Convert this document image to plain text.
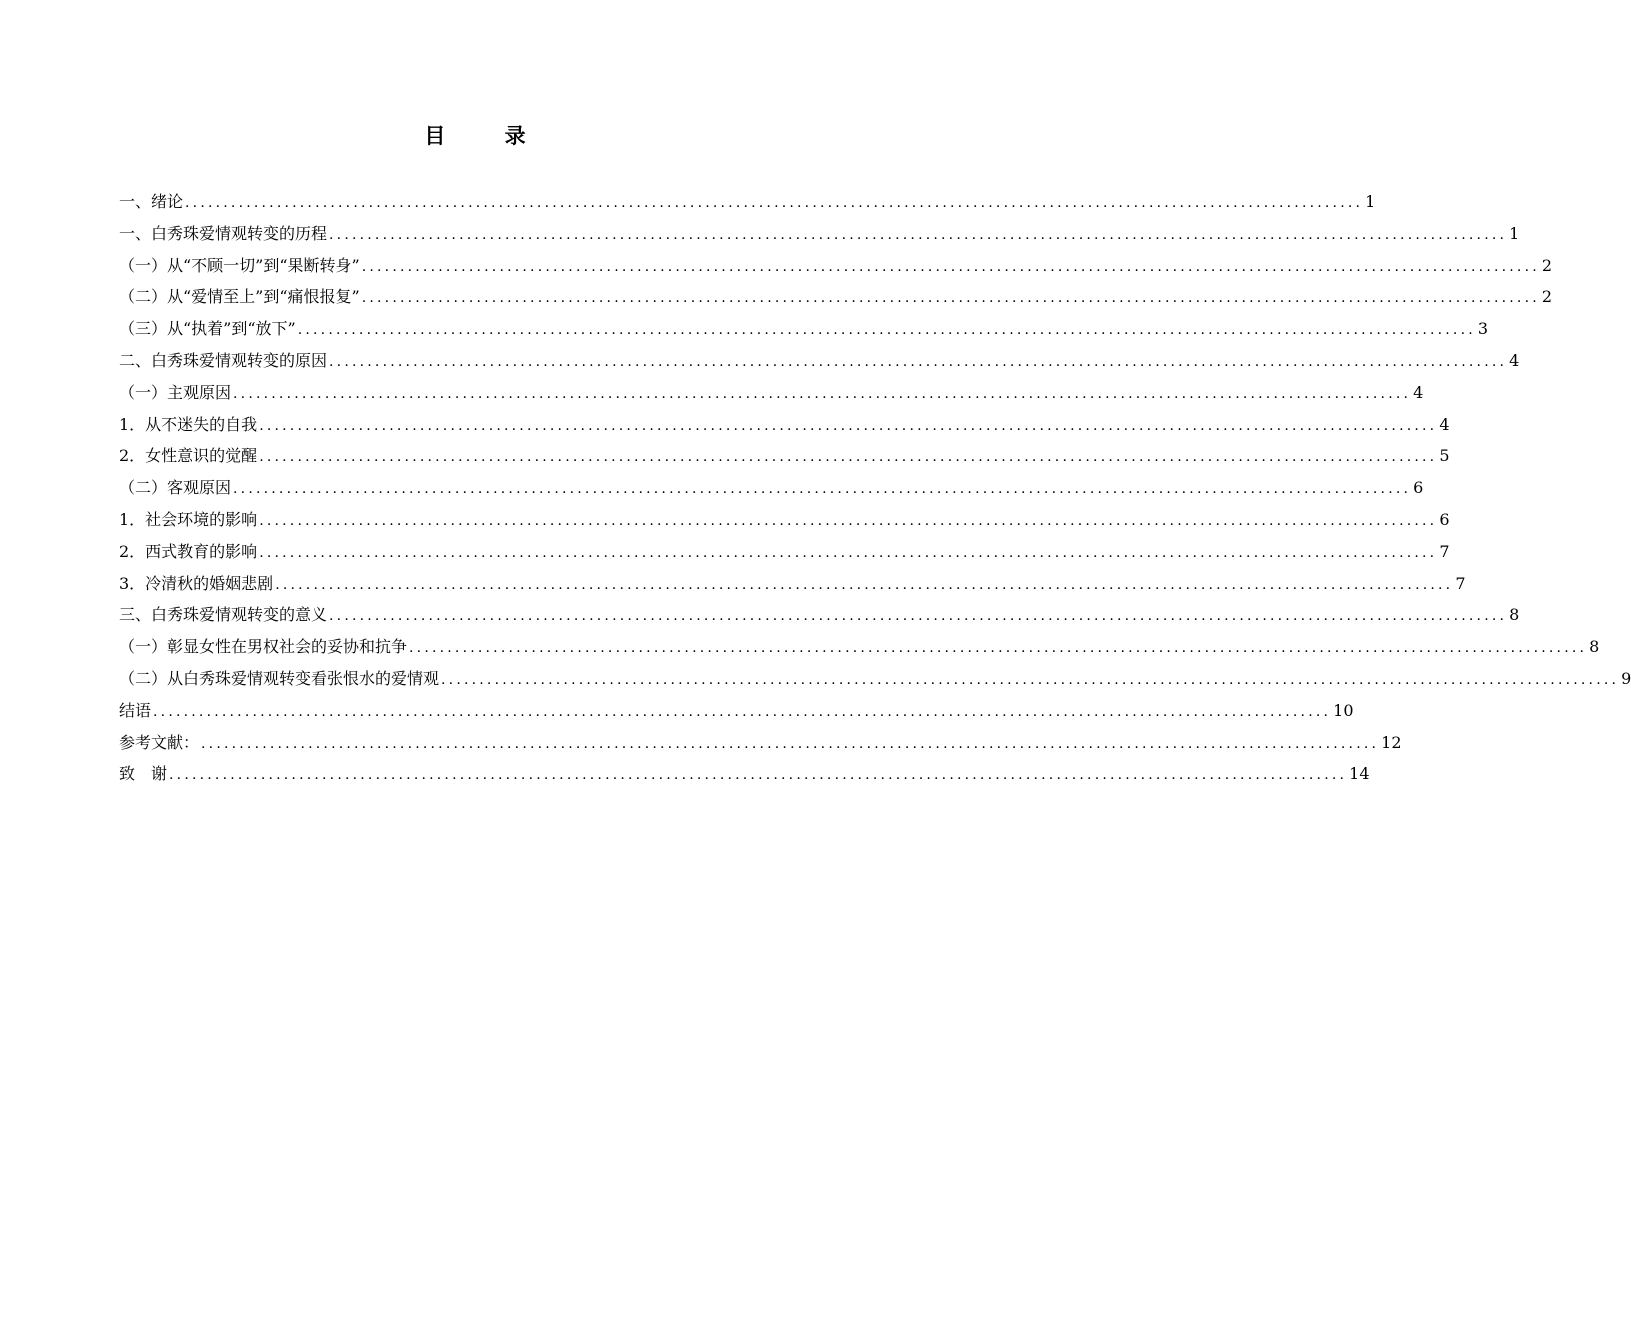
目 录
一、绪论 .......................................................................................................................................................... 1
一、白秀珠爱情观转变的历程 .......................................................................................................................................................... 1
（一）从“不顾一切”到“果断转身” .......................................................................................................................................................... 2
（二）从“爱情至上”到“痛恨报复” .......................................................................................................................................................... 2
（三）从“执着”到“放下” .......................................................................................................................................................... 3
二、白秀珠爱情观转变的原因 .......................................................................................................................................................... 4
（一）主观原因 .......................................................................................................................................................... 4
1．从不迷失的自我 .......................................................................................................................................................... 4
2．女性意识的觉醒 .......................................................................................................................................................... 5
（二）客观原因 .......................................................................................................................................................... 6
1．社会环境的影响 .......................................................................................................................................................... 6
2．西式教育的影响 .......................................................................................................................................................... 7
3．冷清秋的婚姻悲剧 .......................................................................................................................................................... 7
三、白秀珠爱情观转变的意义 .......................................................................................................................................................... 8
（一）彰显女性在男权社会的妥协和抗争 .......................................................................................................................................................... 8
（二）从白秀珠爱情观转变看张恨水的爱情观 .......................................................................................................................................................... 9
结语 .......................................................................................................................................................... 10
参考文献： .......................................................................................................................................................... 12
致　谢 .......................................................................................................................................................... 14
